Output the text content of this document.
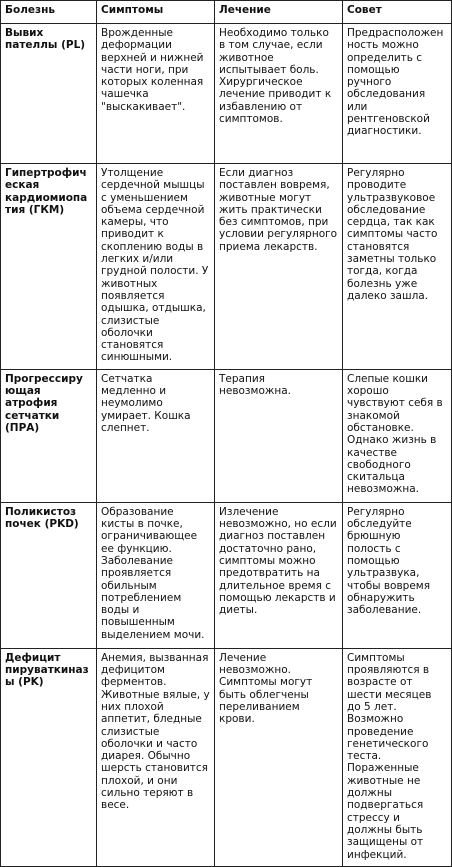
Болезнь	Симптомы	Лечение	Совет
Вывих пателлы (PL)	Врожденные деформации верхней и нижней части ноги, при которых коленная чашечка "выскакивает".	Необходимо только в том случае, если животное испытывает боль. Хирургическое лечение приводит к избавлению от симптомов.	Предрасположенность можно определить с помощью ручного обследования или рентгеновской диагностики.
Гипертрофическая кардиомиопатия (ГКМ)	Утолщение сердечной мышцы с уменьшением объема сердечной камеры, что приводит к скоплению воды в легких и/или грудной полости. У животных появляется одышка, отдышка, слизистые оболочки становятся синюшными.	Если диагноз поставлен вовремя, животные могут жить практически без симптомов, при условии регулярного приема лекарств.	Регулярно проводите ультразвуковое обследование сердца, так как симптомы часто становятся заметны только тогда, когда болезнь уже далеко зашла.
Прогрессирующая атрофия сетчатки (ПРА)	Сетчатка медленно и неумолимо умирает. Кошка слепнет.	Терапия невозможна.	Слепые кошки хорошо чувствуют себя в знакомой обстановке. Однако жизнь в качестве свободного скитальца невозможна.
Поликистоз почек (PKD)	Образование кисты в почке, ограничивающее ее функцию. Заболевание проявляется обильным потреблением воды и повышенным выделением мочи.	Излечение невозможно, но если диагноз поставлен достаточно рано, симптомы можно предотвратить на длительное время с помощью лекарств и диеты.	Регулярно обследуйте брюшную полость с помощью ультразвука, чтобы вовремя обнаружить заболевание.
Дефицит пируваткиназы (PK)	Анемия, вызванная дефицитом ферментов. Животные вялые, у них плохой аппетит, бледные слизистые оболочки и часто диарея. Обычно шерсть становится плохой, и они сильно теряют в весе.	Лечение невозможно. Симптомы могут быть облегчены переливанием крови.	Симптомы проявляются в возрасте от шести месяцев до 5 лет. Возможно проведение генетического теста. Пораженные животные не должны подвергаться стрессу и должны быть защищены от инфекций.
